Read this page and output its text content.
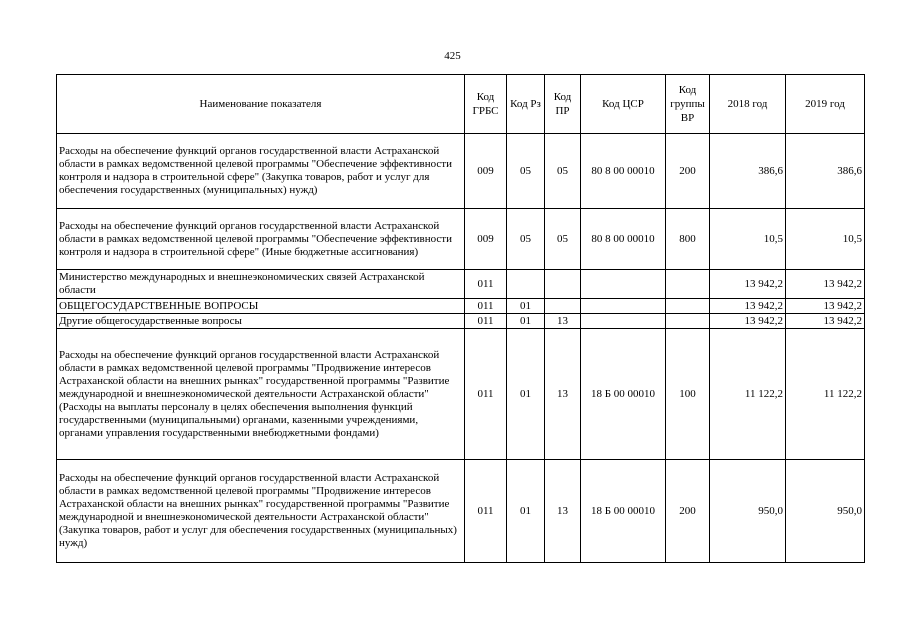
425
Наименование показателя	Код ГРБС	Код Рз	Код ПР	Код ЦСР	Код группы ВР	2018 год	2019 год
Расходы на обеспечение функций органов государственной власти Астраханской области в рамках ведомственной целевой программы "Обеспечение эффективности контроля и надзора в строительной сфере" (Закупка товаров, работ и услуг для обеспечения государственных (муниципальных) нужд)	009	05	05	80 8 00 00010	200	386,6	386,6
Расходы на обеспечение функций органов государственной власти Астраханской области в рамках ведомственной целевой программы "Обеспечение эффективности контроля и надзора в строительной сфере" (Иные бюджетные ассигнования)	009	05	05	80 8 00 00010	800	10,5	10,5
Министерство международных и внешнеэкономических связей Астраханской области	011					13 942,2	13 942,2
ОБЩЕГОСУДАРСТВЕННЫЕ ВОПРОСЫ	011	01				13 942,2	13 942,2
Другие общегосударственные вопросы	011	01	13			13 942,2	13 942,2
Расходы на обеспечение функций органов государственной власти Астраханской области в рамках ведомственной целевой программы "Продвижение интересов Астраханской области на внешних рынках" государственной программы "Развитие международной и внешнеэкономической деятельности Астраханской области" (Расходы на выплаты персоналу в целях обеспечения выполнения функций государственными (муниципальными) органами, казенными учреждениями, органами управления государственными внебюджетными фондами)	011	01	13	18 Б 00 00010	100	11 122,2	11 122,2
Расходы на обеспечение функций органов государственной власти Астраханской области в рамках ведомственной целевой программы "Продвижение интересов Астраханской области на внешних рынках" государственной программы "Развитие международной и внешнеэкономической деятельности Астраханской области" (Закупка товаров, работ и услуг для обеспечения государственных (муниципальных) нужд)	011	01	13	18 Б 00 00010	200	950,0	950,0
